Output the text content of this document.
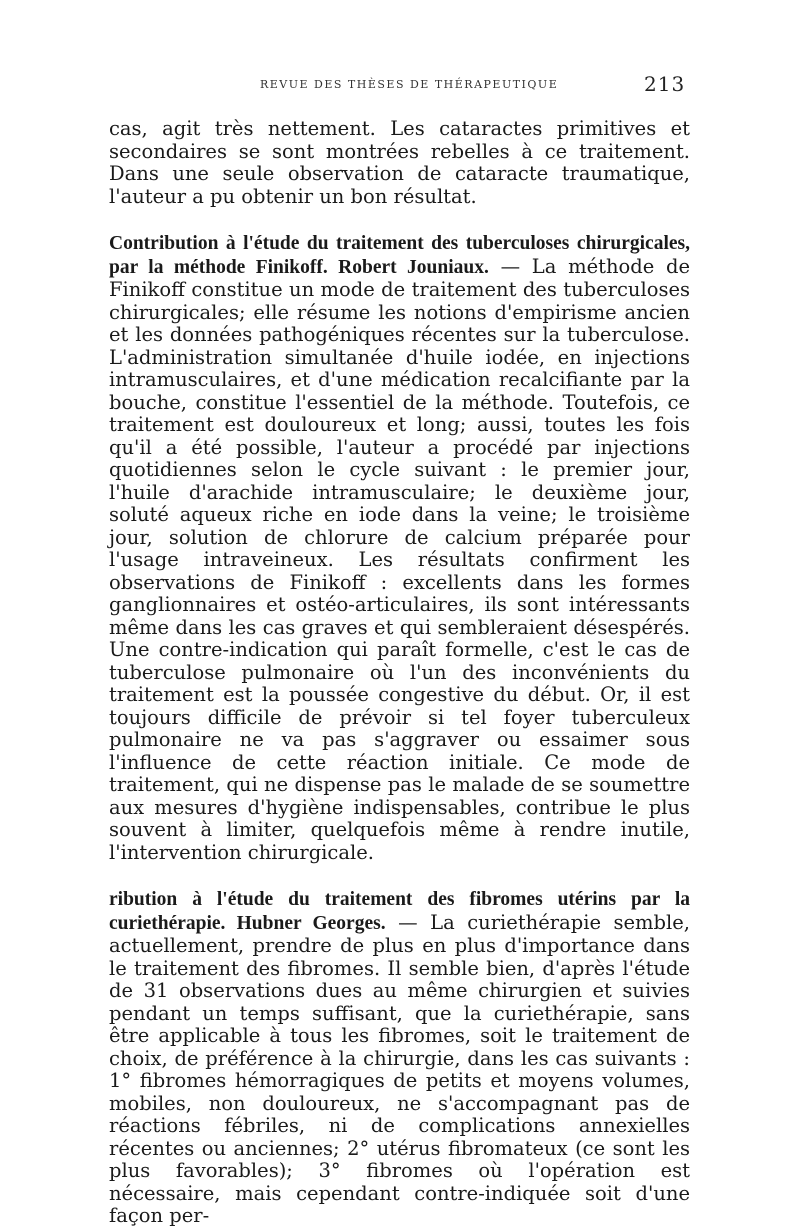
REVUE DES THÈSES DE THÉRAPEUTIQUE	213

cas, agit très nettement. Les cataractes primitives et secondaires se sont montrées rebelles à ce traitement. Dans une seule observation de cataracte traumatique, l'auteur a pu obtenir un bon résultat.

Contribution à l'étude du traitement des tuberculoses chirurgicales, par la méthode Finikoff. Robert Jouniaux. — La méthode de Finikoff constitue un mode de traitement des tuberculoses chirurgicales; elle résume les notions d'empirisme ancien et les données pathogéniques récentes sur la tuberculose. L'administration simultanée d'huile iodée, en injections intramusculaires, et d'une médication recalcifiante par la bouche, constitue l'essentiel de la méthode. Toutefois, ce traitement est douloureux et long; aussi, toutes les fois qu'il a été possible, l'auteur a procédé par injections quotidiennes selon le cycle suivant : le premier jour, l'huile d'arachide intramusculaire; le deuxième jour, soluté aqueux riche en iode dans la veine; le troisième jour, solution de chlorure de calcium préparée pour l'usage intraveineux. Les résultats confirment les observations de Finikoff : excellents dans les formes ganglionnaires et ostéo-articulaires, ils sont intéressants même dans les cas graves et qui sembleraient désespérés. Une contre-indication qui paraît formelle, c'est le cas de tuberculose pulmonaire où l'un des inconvénients du traitement est la poussée congestive du début. Or, il est toujours difficile de prévoir si tel foyer tuberculeux pulmonaire ne va pas s'aggraver ou essaimer sous l'influence de cette réaction initiale. Ce mode de traitement, qui ne dispense pas le malade de se soumettre aux mesures d'hygiène indispensables, contribue le plus souvent à limiter, quelquefois même à rendre inutile, l'intervention chirurgicale.

ribution à l'étude du traitement des fibromes utérins par la curiethérapie. Hubner Georges. — La curiethérapie semble, actuellement, prendre de plus en plus d'importance dans le traitement des fibromes. Il semble bien, d'après l'étude de 31 observations dues au même chirurgien et suivies pendant un temps suffisant, que la curiethérapie, sans être applicable à tous les fibromes, soit le traitement de choix, de préférence à la chirurgie, dans les cas suivants : 1° fibromes hémorragiques de petits et moyens volumes, mobiles, non douloureux, ne s'accompagnant pas de réactions fébriles, ni de complications annexielles récentes ou anciennes; 2° utérus fibromateux (ce sont les plus favorables); 3° fibromes où l'opération est nécessaire, mais cependant contre-indiquée soit d'une façon per-
